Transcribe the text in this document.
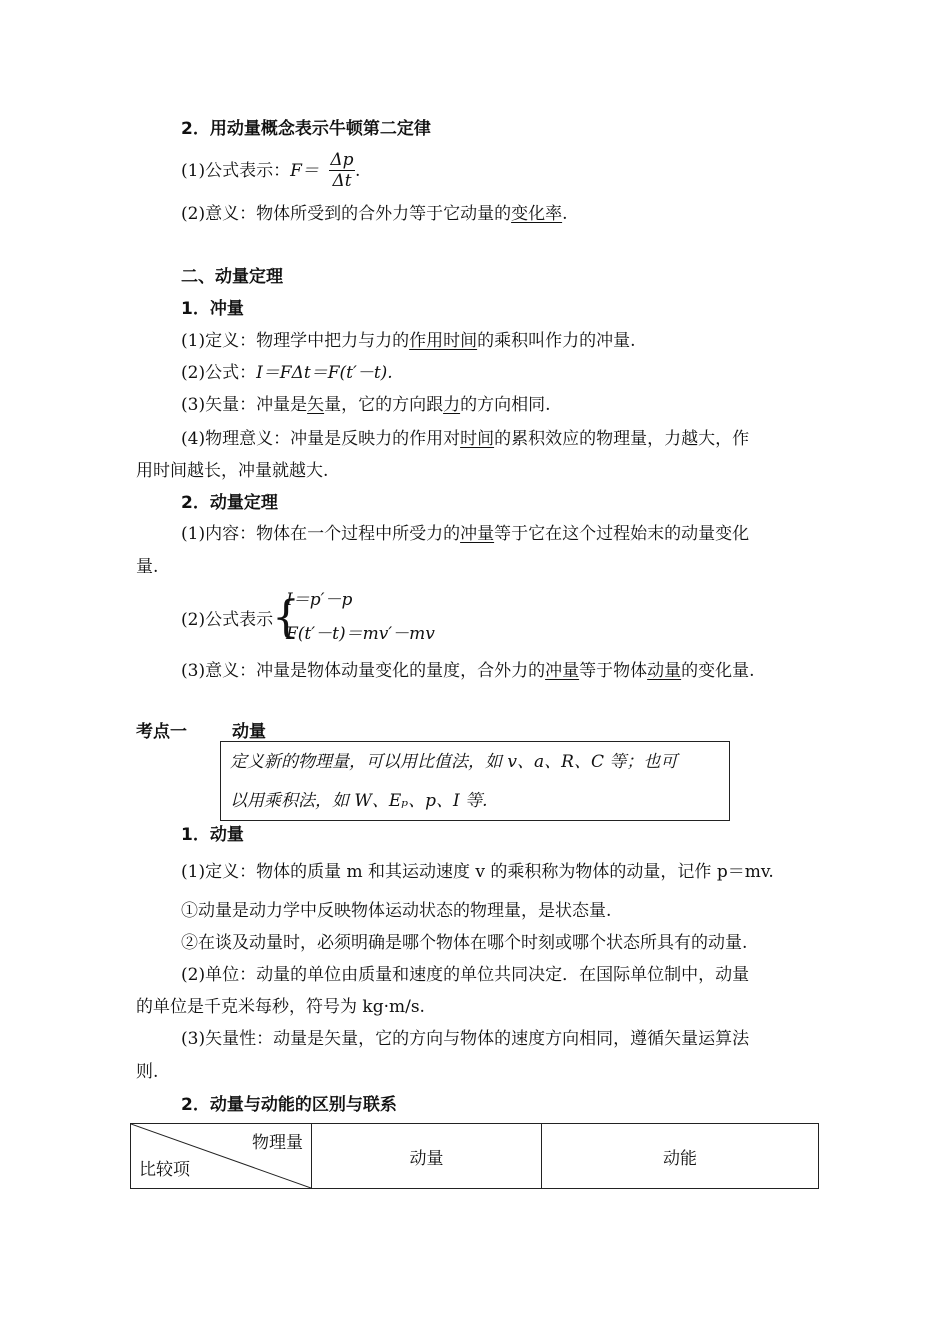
2．用动量概念表示牛顿第二定律
(1)公式表示：$F= \frac{\Delta p}{\Delta t}$ .
(2)意义：物体所受到的合外力等于它动量的变化率.
二、动量定理
1．冲量
(1)定义：物理学中把力与力的作用时间的乘积叫作力的冲量.
(2)公式：I＝FΔt＝F(t′－t).
(3)矢量：冲量是矢量，它的方向跟力的方向相同.
(4)物理意义：冲量是反映力的作用对时间的累积效应的物理量，力越大，作
用时间越长，冲量就越大.
2．动量定理
(1)内容：物体在一个过程中所受力的冲量等于它在这个过程始末的动量变化
量.
(2)公式表示
{
I＝p′－p
F(t′－t)＝mv′－mv
(3)意义：冲量是物体动量变化的量度，合外力的冲量等于物体动量的变化量.
考点一	动量
定义新的物理量，可以用比值法，如 v、a、R、C 等；也可
以用乘积法，如 W、Eₚ、p、I 等.
1．动量
(1)定义：物体的质量 m 和其运动速度 v 的乘积称为物体的动量，记作 p＝mv.
①动量是动力学中反映物体运动状态的物理量，是状态量.
②在谈及动量时，必须明确是哪个物体在哪个时刻或哪个状态所具有的动量.
(2)单位：动量的单位由质量和速度的单位共同决定．在国际单位制中，动量
的单位是千克米每秒，符号为 kg·m/s.
(3)矢量性：动量是矢量，它的方向与物体的速度方向相同，遵循矢量运算法
则.
2．动量与动能的区别与联系
物理量
比较项
	动量	动能
